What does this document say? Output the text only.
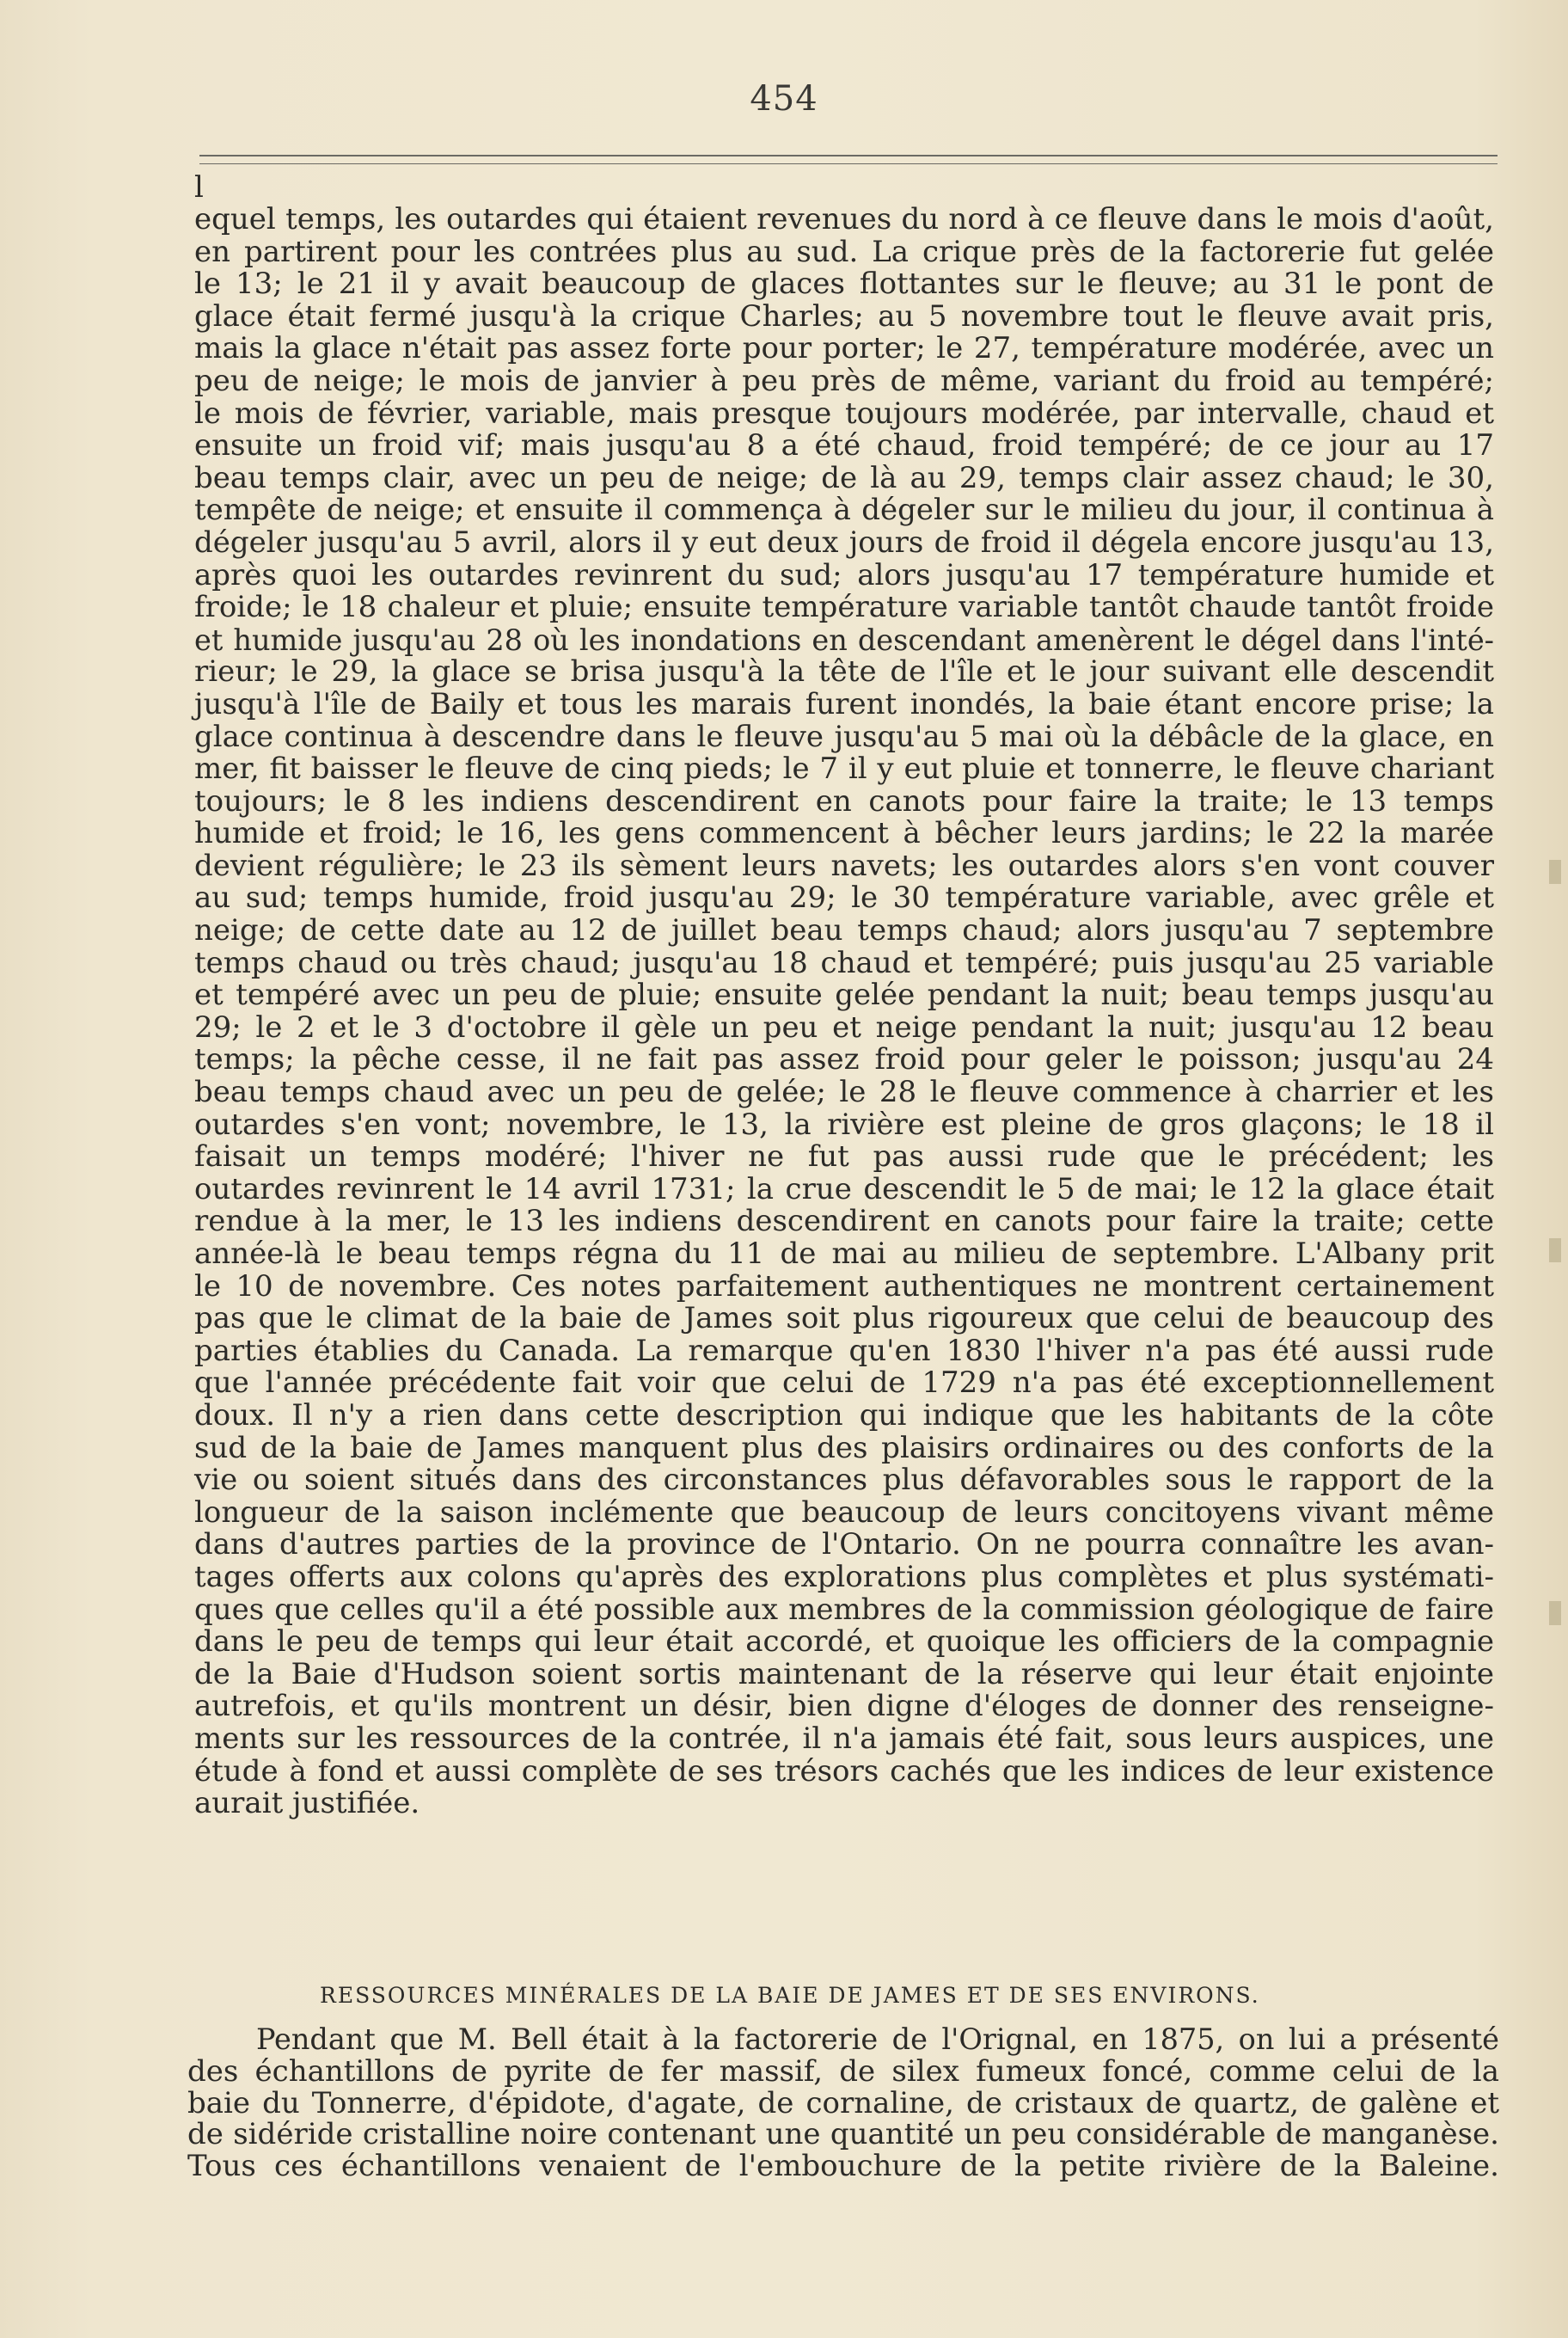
454
l
equel temps, les outardes qui étaient revenues du nord à ce fleuve dans le mois d'août,
en partirent pour les contrées plus au sud. La crique près de la factorerie fut gelée
le 13; le 21 il y avait beaucoup de glaces flottantes sur le fleuve; au 31 le pont de
glace était fermé jusqu'à la crique Charles; au 5 novembre tout le fleuve avait pris,
mais la glace n'était pas assez forte pour porter; le 27, température modérée, avec un
peu de neige; le mois de janvier à peu près de même, variant du froid au tempéré;
le mois de février, variable, mais presque toujours modérée, par intervalle, chaud et
ensuite un froid vif; mais jusqu'au 8 a été chaud, froid tempéré; de ce jour au 17
beau temps clair, avec un peu de neige; de là au 29, temps clair assez chaud; le 30,
tempête de neige; et ensuite il commença à dégeler sur le milieu du jour, il continua à
dégeler jusqu'au 5 avril, alors il y eut deux jours de froid il dégela encore jusqu'au 13,
après quoi les outardes revinrent du sud; alors jusqu'au 17 température humide et
froide; le 18 chaleur et pluie; ensuite température variable tantôt chaude tantôt froide
et humide jusqu'au 28 où les inondations en descendant amenèrent le dégel dans l'inté-
rieur; le 29, la glace se brisa jusqu'à la tête de l'île et le jour suivant elle descendit
jusqu'à l'île de Baily et tous les marais furent inondés, la baie étant encore prise; la
glace continua à descendre dans le fleuve jusqu'au 5 mai où la débâcle de la glace, en
mer, fit baisser le fleuve de cinq pieds; le 7 il y eut pluie et tonnerre, le fleuve chariant
toujours; le 8 les indiens descendirent en canots pour faire la traite; le 13 temps
humide et froid; le 16, les gens commencent à bêcher leurs jardins; le 22 la marée
devient régulière; le 23 ils sèment leurs navets; les outardes alors s'en vont couver
au sud; temps humide, froid jusqu'au 29; le 30 température variable, avec grêle et
neige; de cette date au 12 de juillet beau temps chaud; alors jusqu'au 7 septembre
temps chaud ou très chaud; jusqu'au 18 chaud et tempéré; puis jusqu'au 25 variable
et tempéré avec un peu de pluie; ensuite gelée pendant la nuit; beau temps jusqu'au
29; le 2 et le 3 d'octobre il gèle un peu et neige pendant la nuit; jusqu'au 12 beau
temps; la pêche cesse, il ne fait pas assez froid pour geler le poisson; jusqu'au 24
beau temps chaud avec un peu de gelée; le 28 le fleuve commence à charrier et les
outardes s'en vont; novembre, le 13, la rivière est pleine de gros glaçons; le 18 il
faisait un temps modéré; l'hiver ne fut pas aussi rude que le précédent; les
outardes revinrent le 14 avril 1731; la crue descendit le 5 de mai; le 12 la glace était
rendue à la mer, le 13 les indiens descendirent en canots pour faire la traite; cette
année-là le beau temps régna du 11 de mai au milieu de septembre. L'Albany prit
le 10 de novembre. Ces notes parfaitement authentiques ne montrent certainement
pas que le climat de la baie de James soit plus rigoureux que celui de beaucoup des
parties établies du Canada. La remarque qu'en 1830 l'hiver n'a pas été aussi rude
que l'année précédente fait voir que celui de 1729 n'a pas été exceptionnellement
doux. Il n'y a rien dans cette description qui indique que les habitants de la côte
sud de la baie de James manquent plus des plaisirs ordinaires ou des conforts de la
vie ou soient situés dans des circonstances plus défavorables sous le rapport de la
longueur de la saison inclémente que beaucoup de leurs concitoyens vivant même
dans d'autres parties de la province de l'Ontario. On ne pourra connaître les avan-
tages offerts aux colons qu'après des explorations plus complètes et plus systémati-
ques que celles qu'il a été possible aux membres de la commission géologique de faire
dans le peu de temps qui leur était accordé, et quoique les officiers de la compagnie
de la Baie d'Hudson soient sortis maintenant de la réserve qui leur était enjointe
autrefois, et qu'ils montrent un désir, bien digne d'éloges de donner des renseigne-
ments sur les ressources de la contrée, il n'a jamais été fait, sous leurs auspices, une
étude à fond et aussi complète de ses trésors cachés que les indices de leur existence
aurait justifiée.
RESSOURCES MINÉRALES DE LA BAIE DE JAMES ET DE SES ENVIRONS.
Pendant que M. Bell était à la factorerie de l'Orignal, en 1875, on lui a présenté
des échantillons de pyrite de fer massif, de silex fumeux foncé, comme celui de la
baie du Tonnerre, d'épidote, d'agate, de cornaline, de cristaux de quartz, de galène et
de sidéride cristalline noire contenant une quantité un peu considérable de manganèse.
Tous ces échantillons venaient de l'embouchure de la petite rivière de la Baleine.
